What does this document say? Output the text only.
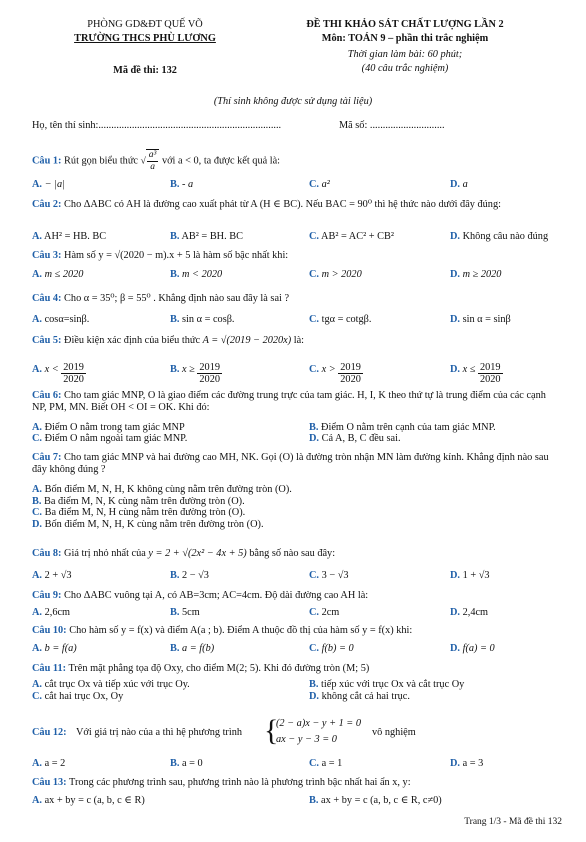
PHÒNG GD&ĐT QUẾ VÕ
TRƯỜNG THCS PHÙ LƯƠNG
Mã đề thi: 132
ĐỀ THI KHẢO SÁT CHẤT LƯỢNG LẦN 2
Môn: TOÁN 9 – phần thi trắc nghiệm
Thời gian làm bài: 60 phút;
(40 câu trắc nghiệm)
(Thí sinh không được sử dụng tài liệu)
Họ, tên thí sinh:.......................................................................	Mã số: .............................
Câu 1: Rút gọn biểu thức √ $\frac{\text{a³}}{a}$ với a < 0, ta được kết quả là:
A. − |a|	B. - a	C. a²	D. a
Câu 2: Cho ΔABC có AH là đường cao xuất phát từ A (H ∈ BC). Nếu BAC = 90⁰ thì hệ thức nào dưới đây đúng:
A. AH² = HB. BC	B. AB² = BH. BC	C. AB² = AC² + CB²	D. Không câu nào đúng
Câu 3: Hàm số y = √(2020 − m).x + 5 là hàm số bậc nhất khi:
A. m ≤ 2020	B. m < 2020	C. m > 2020	D. m ≥ 2020
Câu 4: Cho α = 35⁰; β = 55⁰ . Khẳng định nào sau đây là sai ?
A. cosα=sinβ.	B. sin α = cosβ.	C. tgα = cotgβ.	D. sin α = sinβ
Câu 5: Điều kiện xác định của biểu thức A = √(2019 − 2020x) là:
A. $x < \frac{2019}{2020}$	B. $x \ge \frac{2019}{2020}$	C. $x > \frac{2019}{2020}$	D. $x \le \frac{2019}{2020}$
Câu 6: Cho tam giác MNP, O là giao điểm các đường trung trực của tam giác. H, I, K theo thứ tự là trung điểm của các cạnh NP, PM, MN. Biết OH < OI = OK. Khi đó:
A. Điểm O nằm trong tam giác MNP	B. Điểm O nằm trên cạnh của tam giác MNP.
C. Điểm O nằm ngoài tam giác MNP.	D. Cả A, B, C đều sai.
Câu 7: Cho tam giác MNP và hai đường cao MH, NK. Gọi (O) là đường tròn nhận MN làm đường kính. Khẳng định nào sau đây không đúng ?
A. Bốn điểm M, N, H, K không cùng nằm trên đường tròn (O).
B. Ba điểm M, N, K cùng nằm trên đường tròn (O).
C. Ba điểm M, N, H cùng nằm trên đường tròn (O).
D. Bốn điểm M, N, H, K cùng nằm trên đường tròn (O).
Câu 8: Giá trị nhỏ nhất của y = 2 + √(2x² − 4x + 5) bằng số nào sau đây:
A. 2 + √3	B. 2 − √3	C. 3 − √3	D. 1 + √3
Câu 9: Cho ΔABC vuông tại A, có AB=3cm; AC=4cm. Độ dài đường cao AH là:
A. 2,6cm	B. 5cm	C. 2cm	D. 2,4cm
Câu 10: Cho hàm số y = f(x) và điểm A(a ; b). Điểm A thuộc đồ thị của hàm số y = f(x) khi:
A. b = f(a)	B. a = f(b)	C. f(b) = 0	D. f(a) = 0
Câu 11: Trên mặt phẳng tọa độ Oxy, cho điểm M(2; 5). Khi đó đường tròn (M; 5)
A. cắt trục Ox và tiếp xúc với trục Oy.	B. tiếp xúc với trục Ox và cắt trục Oy
C. cắt hai trục Ox, Oy	D. không cắt cả hai trục.
Câu 12: Với giá trị nào của a thì hệ phương trình {
(2 − a)x − y + 1 = 0
ax − y − 3 = 0
vô nghiệm
A. a = 2	B. a = 0	C. a = 1	D. a = 3
Câu 13: Trong các phương trình sau, phương trình nào là phương trình bậc nhất hai ẩn x, y:
A. ax + by = c (a, b, c ∈ R)	B. ax + by = c (a, b, c ∈ R, c≠0)
Trang 1/3 - Mã đề thi 132
